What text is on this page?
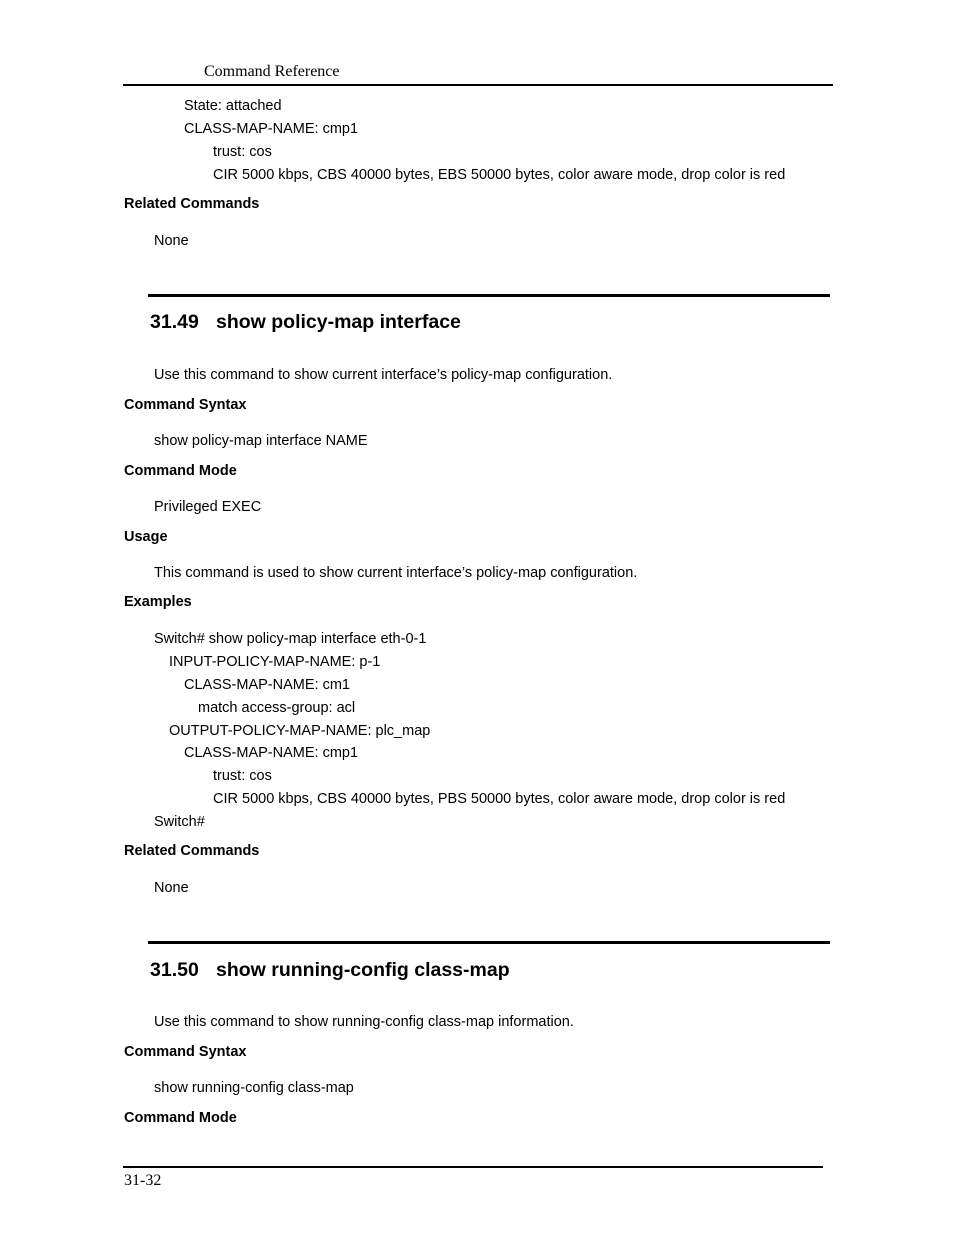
Command Reference
State: attached
CLASS-MAP-NAME: cmp1
trust: cos
CIR 5000 kbps, CBS 40000 bytes, EBS 50000 bytes, color aware mode, drop color is red
Related Commands
None
31.49 show policy-map interface
Use this command to show current interface’s policy-map configuration.
Command Syntax
show policy-map interface NAME
Command Mode
Privileged EXEC
Usage
This command is used to show current interface’s policy-map configuration.
Examples
Switch# show policy-map interface eth-0-1
INPUT-POLICY-MAP-NAME: p-1
CLASS-MAP-NAME: cm1
match access-group: acl
OUTPUT-POLICY-MAP-NAME: plc_map
CLASS-MAP-NAME: cmp1
trust: cos
CIR 5000 kbps, CBS 40000 bytes, PBS 50000 bytes, color aware mode, drop color is red
Switch#
Related Commands
None
31.50 show running-config class-map
Use this command to show running-config class-map information.
Command Syntax
show running-config class-map
Command Mode
31-32
